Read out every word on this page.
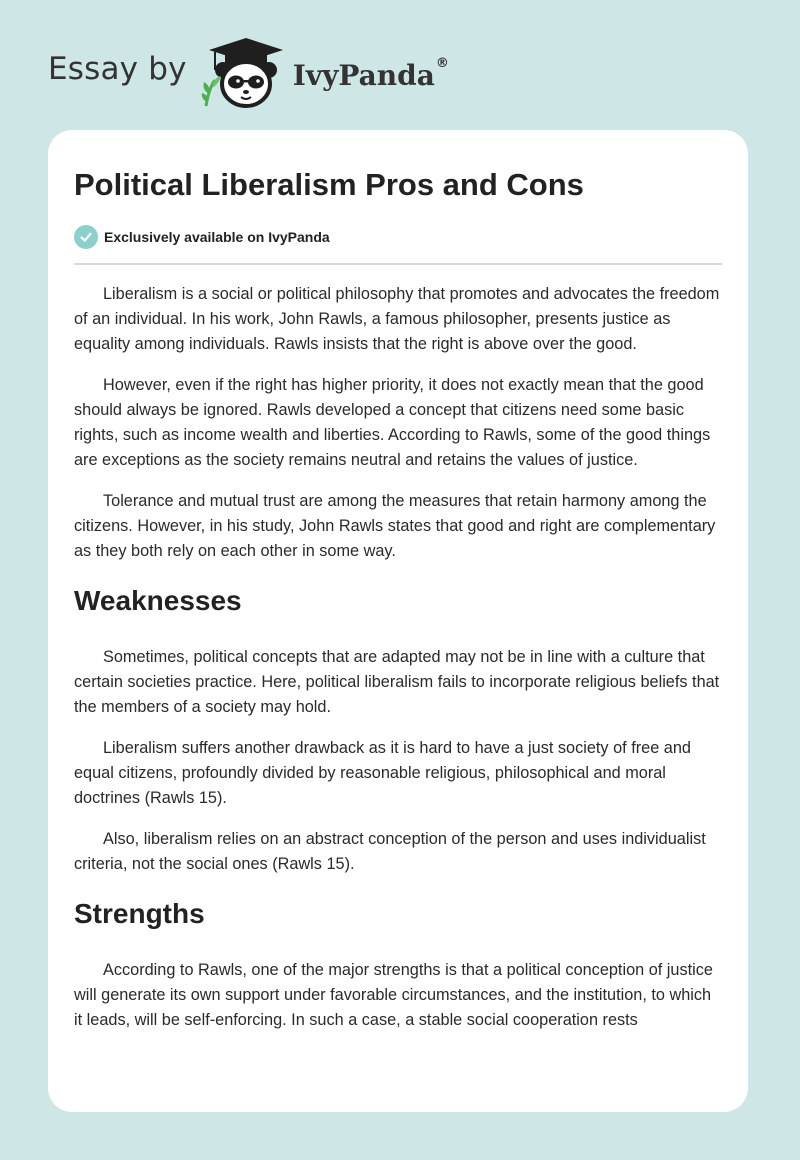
Essay by	IvyPanda ®
Political Liberalism Pros and Cons
Exclusively available on IvyPanda

Liberalism is a social or political philosophy that promotes and advocates the freedom of an individual. In his work, John Rawls, a famous philosopher, presents justice as equality among individuals. Rawls insists that the right is above over the good.

However, even if the right has higher priority, it does not exactly mean that the good should always be ignored. Rawls developed a concept that citizens need some basic rights, such as income wealth and liberties. According to Rawls, some of the good things are exceptions as the society remains neutral and retains the values of justice.

Tolerance and mutual trust are among the measures that retain harmony among the citizens. However, in his study, John Rawls states that good and right are complementary as they both rely on each other in some way.

Weaknesses

Sometimes, political concepts that are adapted may not be in line with a culture that certain societies practice. Here, political liberalism fails to incorporate religious beliefs that the members of a society may hold.

Liberalism suffers another drawback as it is hard to have a just society of free and equal citizens, profoundly divided by reasonable religious, philosophical and moral doctrines (Rawls 15).

Also, liberalism relies on an abstract conception of the person and uses individualist criteria, not the social ones (Rawls 15).

Strengths

According to Rawls, one of the major strengths is that a political conception of justice will generate its own support under favorable circumstances, and the institution, to which it leads, will be self-enforcing. In such a case, a stable social cooperation rests
